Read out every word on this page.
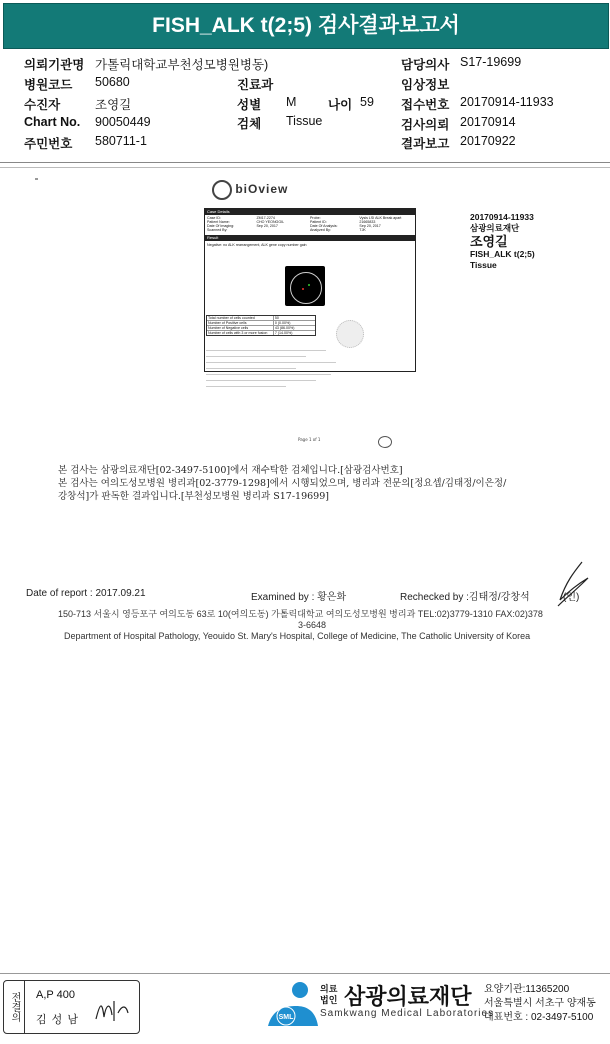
FISH_ALK t(2;5) 검사결과보고서
의뢰기관명 가톨릭대학교부천성모병원병동)	담당의사 S17-19699
병원코드 50680	진료과	임상정보
수진자	조영길	성별 M	나이 59 접수번호 20170914-11933
Chart No. 90050449	검체 Tissue	검사의뢰 20170914
주민번호 580711-1	결과보고 20170922
biOview
Case Details
Case ID:	ZM17-2274	Probe:	Vysis LSI ALK Break apart
Patient Name:	CHO YEONGGIL	Patient ID:	21665833
Date Of Imaging:	Sep 20, 2017	Date Of Analysis:	Sep 20, 2017
Scanned By:	Analyzed By:	TJK
Result
Negative: no ALK rearrangement, ALK gene copy number gain
Total number of cells counted	50
Number of Positive cells	0 (0.00%)
Number of Negative cells	43 (86.00%)
Number of cells with 3 or more fusion	7 (14.00%)
Page 1 of 1
20170914-11933
삼광의료재단
조영길
FISH_ALK t(2;5)
Tissue
본 검사는 삼광의료재단[02-3497-5100]에서 재수탁한 검체입니다.[삼광검사번호]
본 검사는 여의도성모병원 병리과[02-3779-1298]에서 시행되었으며, 병리과 전문의[정요셉/김태정/이은정/
강창석]가 판독한 결과입니다.[부천성모병원 병리과 S17-19699]
Date of report : 2017.09.21	Examined by : 황은화	Rechecked by :김태정/강창석	(인)
150-713 서울시 영등포구 여의도동 63로 10(여의도동) 가톨릭대학교 여의도성모병원 병리과 TEL:02)3779-1310 FAX:02)378
3-6648
Department of Hospital Pathology, Yeouido St. Mary's Hospital, College of Medicine, The Catholic University of Korea
전결의	A,P 400
김 성 남	SML
의료
법인 삼광의료재단
Samkwang Medical Laboratories
요양기관:11365200
서울특별시 서초구 양재동
대표번호 : 02-3497-5100
